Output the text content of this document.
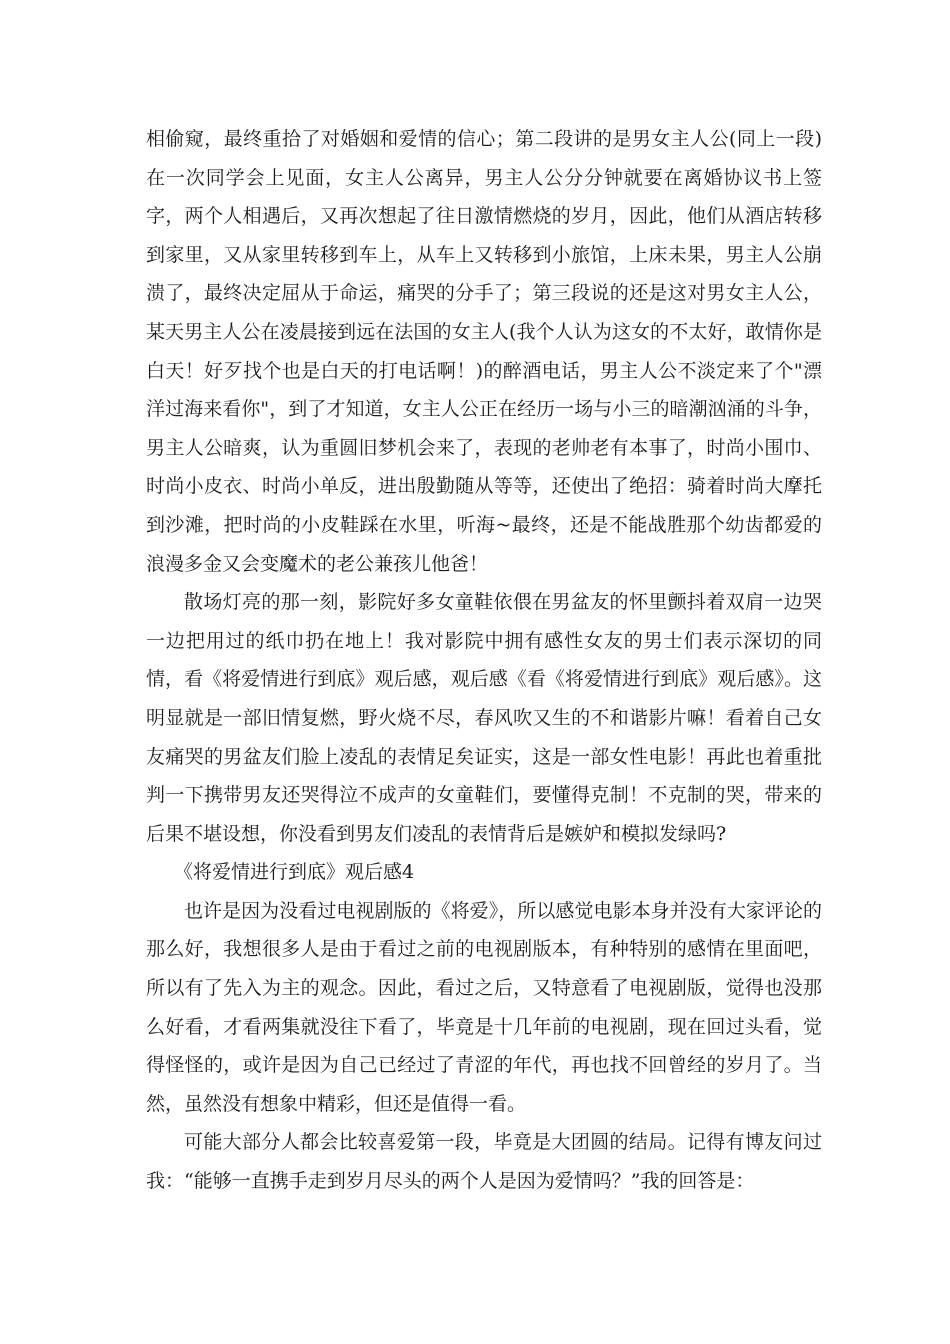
相偷窥，最终重拾了对婚姻和爱情的信心；第二段讲的是男女主人公(同上一段)在一次同学会上见面，女主人公离异，男主人公分分钟就要在离婚协议书上签字，两个人相遇后，又再次想起了往日激情燃烧的岁月，因此，他们从酒店转移到家里，又从家里转移到车上，从车上又转移到小旅馆，上床未果，男主人公崩溃了，最终决定屈从于命运，痛哭的分手了；第三段说的还是这对男女主人公，某天男主人公在凌晨接到远在法国的女主人(我个人认为这女的不太好，敢情你是白天！好歹找个也是白天的打电话啊！)的醉酒电话，男主人公不淡定来了个"漂洋过海来看你"，到了才知道，女主人公正在经历一场与小三的暗潮汹涌的斗争，男主人公暗爽，认为重圆旧梦机会来了，表现的老帅老有本事了，时尚小围巾、时尚小皮衣、时尚小单反，进出殷勤随从等等，还使出了绝招：骑着时尚大摩托到沙滩，把时尚的小皮鞋踩在水里，听海~最终，还是不能战胜那个幼齿都爱的浪漫多金又会变魔术的老公兼孩儿他爸！

散场灯亮的那一刻，影院好多女童鞋依偎在男盆友的怀里颤抖着双肩一边哭一边把用过的纸巾扔在地上！我对影院中拥有感性女友的男士们表示深切的同情，看《将爱情进行到底》观后感，观后感《看《将爱情进行到底》观后感》。这明显就是一部旧情复燃，野火烧不尽，春风吹又生的不和谐影片嘛！看着自己女友痛哭的男盆友们脸上凌乱的表情足矣证实，这是一部女性电影！再此也着重批判一下携带男友还哭得泣不成声的女童鞋们，要懂得克制！不克制的哭，带来的后果不堪设想，你没看到男友们凌乱的表情背后是嫉妒和模拟发绿吗?

《将爱情进行到底》观后感4

也许是因为没看过电视剧版的《将爱》，所以感觉电影本身并没有大家评论的那么好，我想很多人是由于看过之前的电视剧版本，有种特别的感情在里面吧，所以有了先入为主的观念。因此，看过之后，又特意看了电视剧版，觉得也没那么好看，才看两集就没往下看了，毕竟是十几年前的电视剧，现在回过头看，觉得怪怪的，或许是因为自己已经过了青涩的年代，再也找不回曾经的岁月了。当然，虽然没有想象中精彩，但还是值得一看。

可能大部分人都会比较喜爱第一段，毕竟是大团圆的结局。记得有博友问过我：“能够一直携手走到岁月尽头的两个人是因为爱情吗？”我的回答是：
